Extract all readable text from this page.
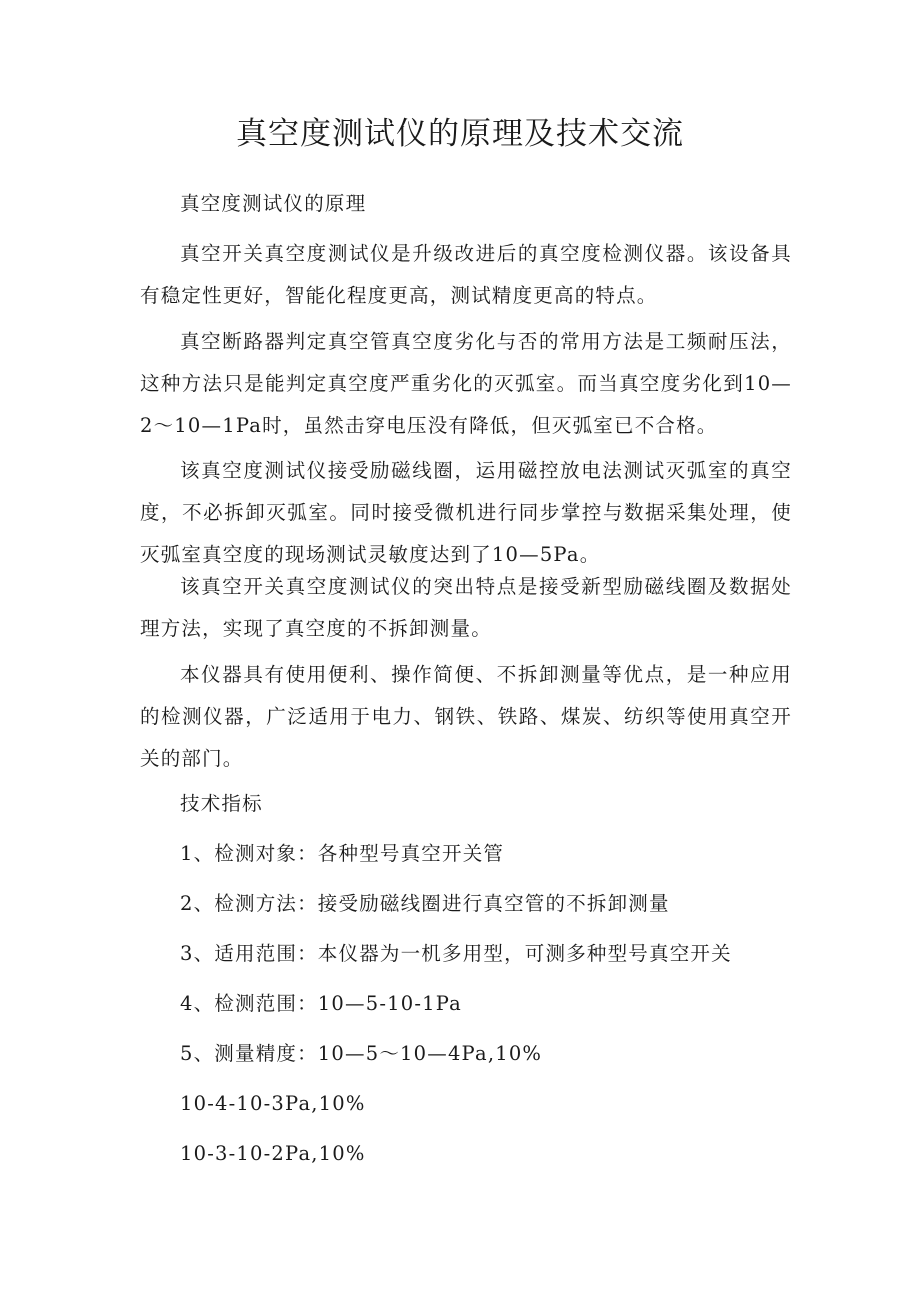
真空度测试仪的原理及技术交流
真空度测试仪的原理
真空开关真空度测试仪是升级改进后的真空度检测仪器。该设备具有稳定性更好，智能化程度更高，测试精度更高的特点。
真空断路器判定真空管真空度劣化与否的常用方法是工频耐压法，这种方法只是能判定真空度严重劣化的灭弧室。而当真空度劣化到10—2～10—1Pa时，虽然击穿电压没有降低，但灭弧室已不合格。
该真空度测试仪接受励磁线圈，运用磁控放电法测试灭弧室的真空度，不必拆卸灭弧室。同时接受微机进行同步掌控与数据采集处理，使灭弧室真空度的现场测试灵敏度达到了10—5Pa。
该真空开关真空度测试仪的突出特点是接受新型励磁线圈及数据处理方法，实现了真空度的不拆卸测量。
本仪器具有使用便利、操作简便、不拆卸测量等优点，是一种应用的检测仪器，广泛适用于电力、钢铁、铁路、煤炭、纺织等使用真空开关的部门。
技术指标
1、检测对象：各种型号真空开关管
2、检测方法：接受励磁线圈进行真空管的不拆卸测量
3、适用范围：本仪器为一机多用型，可测多种型号真空开关
4、检测范围：10—5-10-1Pa
5、测量精度：10—5～10—4Pa,10%
10-4-10-3Pa,10%
10-3-10-2Pa,10%
